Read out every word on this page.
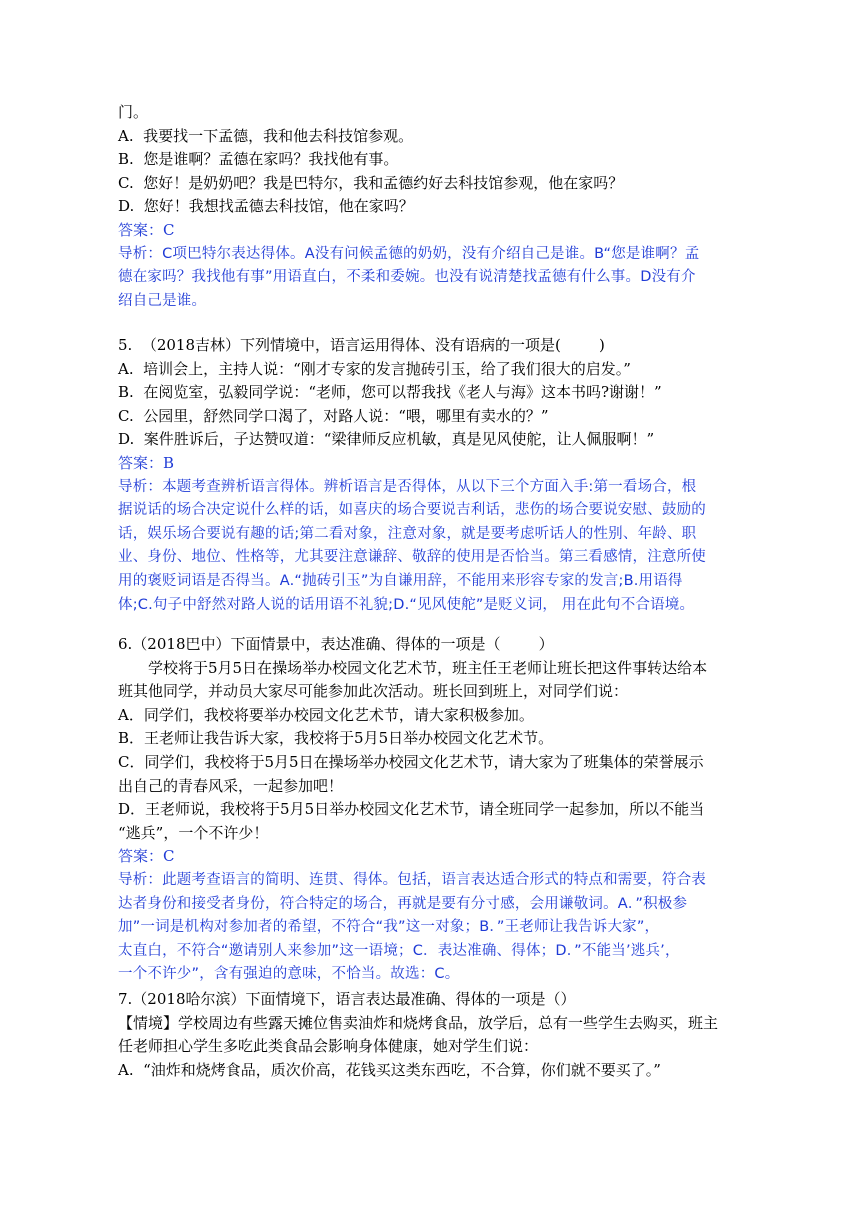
门。
A.  我要找一下孟德，我和他去科技馆参观。
B.  您是谁啊？孟德在家吗？我找他有事。
C.  您好！是奶奶吧？我是巴特尔，我和孟德约好去科技馆参观，他在家吗？
D.  您好！我想找孟德去科技馆，他在家吗？
答案：C
导析：C项巴特尔表达得体。A没有问候孟德的奶奶，没有介绍自己是谁。B“您是谁啊？孟
德在家吗？我找他有事”用语直白，不柔和委婉。也没有说清楚找孟德有什么事。D没有介
绍自己是谁。
5.  （2018吉林）下列情境中，语言运用得体、没有语病的一项是(        )
A.  培训会上，主持人说：“刚才专家的发言抛砖引玉，给了我们很大的启发。”
B.  在阅览室，弘毅同学说：“老师，您可以帮我找《老人与海》这本书吗?谢谢！”
C.  公园里，舒然同学口渴了，对路人说：“喂，哪里有卖水的？”
D.  案件胜诉后，子达赞叹道：“梁律师反应机敏，真是见风使舵，让人佩服啊！”
答案：B
导析：本题考查辨析语言得体。辨析语言是否得体，从以下三个方面入手:第一看场合，根
据说话的场合决定说什么样的话，如喜庆的场合要说吉利话，悲伤的场合要说安慰、鼓励的
话，娱乐场合要说有趣的话;第二看对象，注意对象，就是要考虑听话人的性别、年龄、职
业、身份、地位、性格等，尤其要注意谦辞、敬辞的使用是否恰当。第三看感情，注意所使
用的褒贬词语是否得当。A.“抛砖引玉”为自谦用辞，不能用来形容专家的发言;B.用语得
体;C.句子中舒然对路人说的话用语不礼貌;D.“见风使舵”是贬义词， 用在此句不合语境。
6.（2018巴中）下面情景中，表达准确、得体的一项是（        ）
学校将于5月5日在操场举办校园文化艺术节，班主任王老师让班长把这件事转达给本
班其他同学，并动员大家尽可能参加此次活动。班长回到班上，对同学们说：
A．同学们，我校将要举办校园文化艺术节，请大家积极参加。
B．王老师让我告诉大家，我校将于5月5日举办校园文化艺术节。
C．同学们，我校将于5月5日在操场举办校园文化艺术节，请大家为了班集体的荣誉展示
出自己的青春风采，一起参加吧！
D．王老师说，我校将于5月5日举办校园文化艺术节，请全班同学一起参加，所以不能当
“逃兵”，一个不许少！
答案：C
导析：此题考查语言的简明、连贯、得体。包括，语言表达适合形式的特点和需要，符合表
达者身份和接受者身份，符合特定的场合，再就是要有分寸感，会用谦敬词。A．”积极参
加”一词是机构对参加者的希望，不符合“我”这一对象；B．”王老师让我告诉大家”，
太直白，不符合“邀请别人来参加”这一语境；C．表达准确、得体；D．”不能当’逃兵’，
一个不许少”，含有强迫的意味，不恰当。故选：C。
7.（2018哈尔滨）下面情境下，语言表达最准确、得体的一项是（）
【情境】学校周边有些露天摊位售卖油炸和烧烤食品，放学后，总有一些学生去购买，班主
任老师担心学生多吃此类食品会影响身体健康，她对学生们说：
A.  “油炸和烧烤食品，质次价高，花钱买这类东西吃，不合算，你们就不要买了。”
